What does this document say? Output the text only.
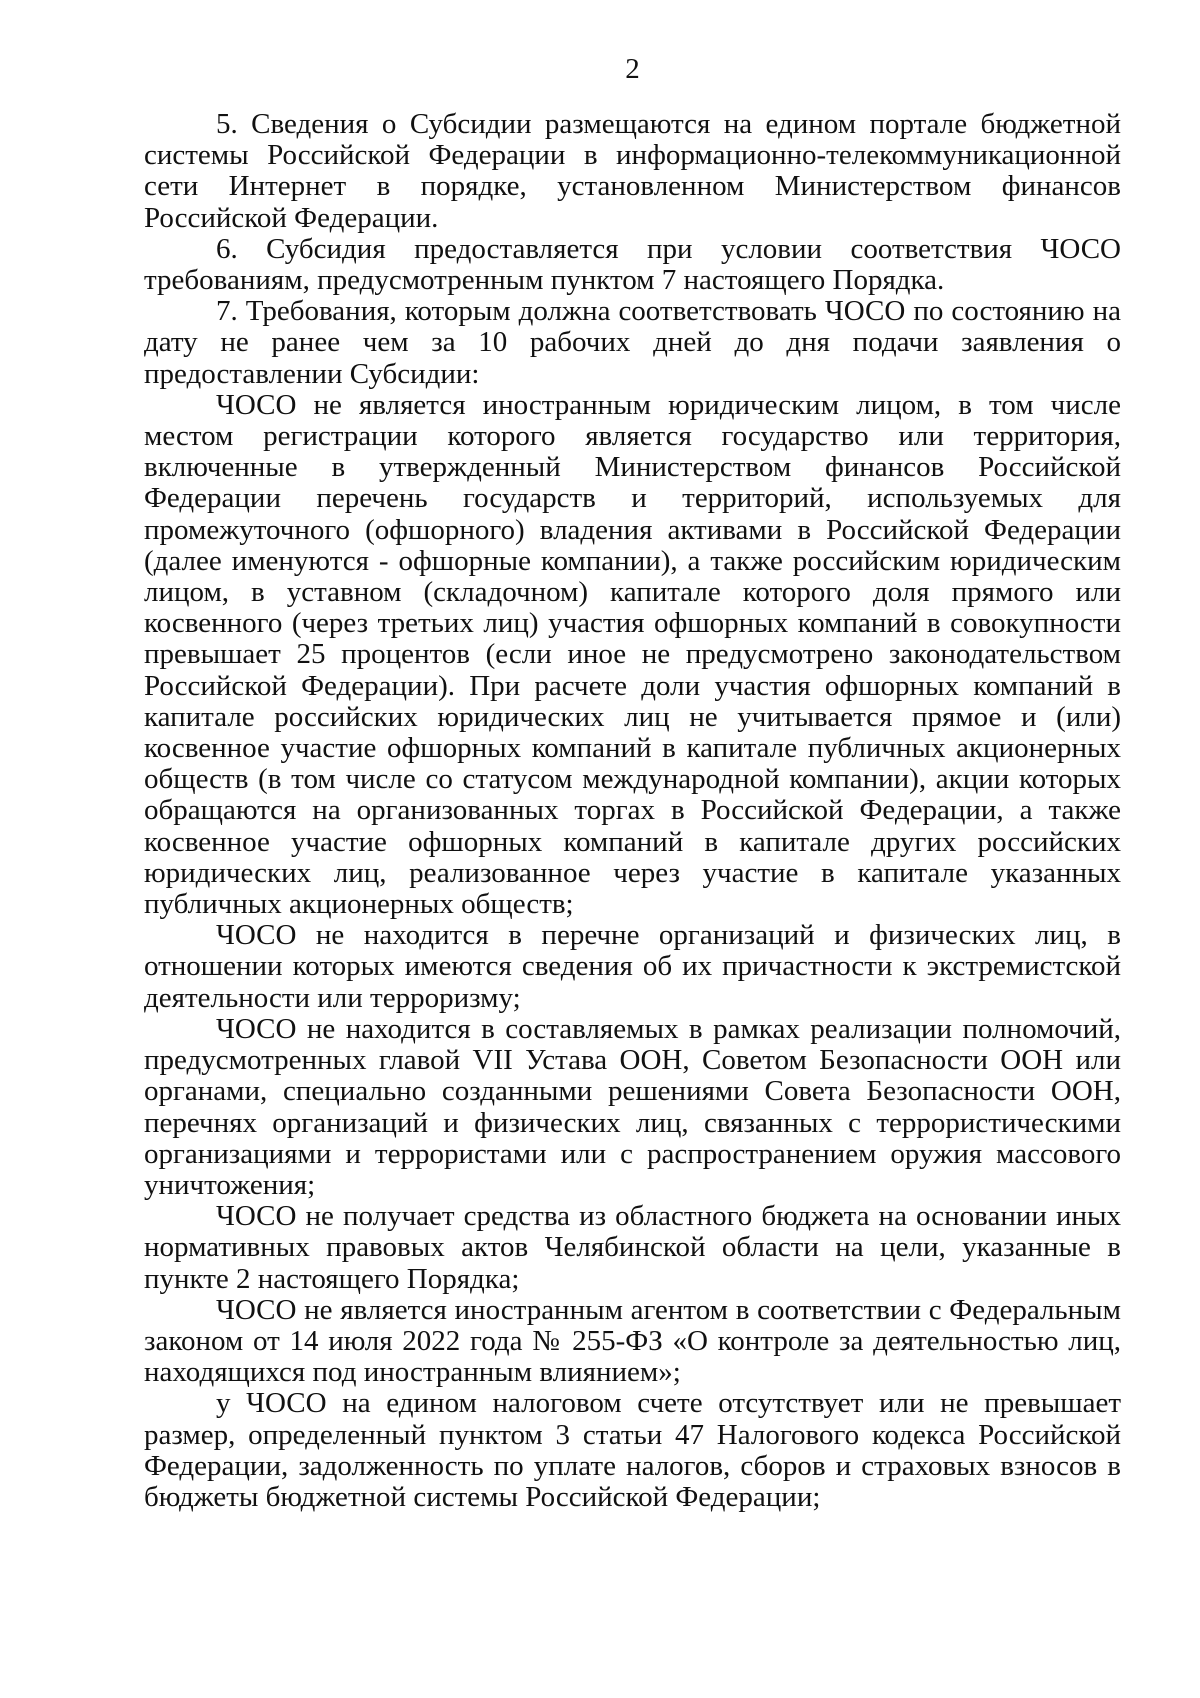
2

5. Сведения о Субсидии размещаются на едином портале бюджетной системы Российской Федерации в информационно-телекоммуникационной сети Интернет в порядке, установленном Министерством финансов Российской Федерации.

6. Субсидия предоставляется при условии соответствия ЧОСО требованиям, предусмотренным пунктом 7 настоящего Порядка.

7. Требования, которым должна соответствовать ЧОСО по состоянию на дату не ранее чем за 10 рабочих дней до дня подачи заявления о предоставлении Субсидии:

ЧОСО не является иностранным юридическим лицом, в том числе местом регистрации которого является государство или территория, включенные в утвержденный Министерством финансов Российской Федерации перечень государств и территорий, используемых для промежуточного (офшорного) владения активами в Российской Федерации (далее именуются - офшорные компании), а также российским юридическим лицом, в уставном (складочном) капитале которого доля прямого или косвенного (через третьих лиц) участия офшорных компаний в совокупности превышает 25 процентов (если иное не предусмотрено законодательством Российской Федерации). При расчете доли участия офшорных компаний в капитале российских юридических лиц не учитывается прямое и (или) косвенное участие офшорных компаний в капитале публичных акционерных обществ (в том числе со статусом международной компании), акции которых обращаются на организованных торгах в Российской Федерации, а также косвенное участие офшорных компаний в капитале других российских юридических лиц, реализованное через участие в капитале указанных публичных акционерных обществ;

ЧОСО не находится в перечне организаций и физических лиц, в отношении которых имеются сведения об их причастности к экстремистской деятельности или терроризму;

ЧОСО не находится в составляемых в рамках реализации полномочий, предусмотренных главой VII Устава ООН, Советом Безопасности ООН или органами, специально созданными решениями Совета Безопасности ООН, перечнях организаций и физических лиц, связанных с террористическими организациями и террористами или с распространением оружия массового уничтожения;

ЧОСО не получает средства из областного бюджета на основании иных нормативных правовых актов Челябинской области на цели, указанные в пункте 2 настоящего Порядка;

ЧОСО не является иностранным агентом в соответствии с Федеральным законом от 14 июля 2022 года № 255-ФЗ «О контроле за деятельностью лиц, находящихся под иностранным влиянием»;

у ЧОСО на едином налоговом счете отсутствует или не превышает размер, определенный пунктом 3 статьи 47 Налогового кодекса Российской Федерации, задолженность по уплате налогов, сборов и страховых взносов в бюджеты бюджетной системы Российской Федерации;
